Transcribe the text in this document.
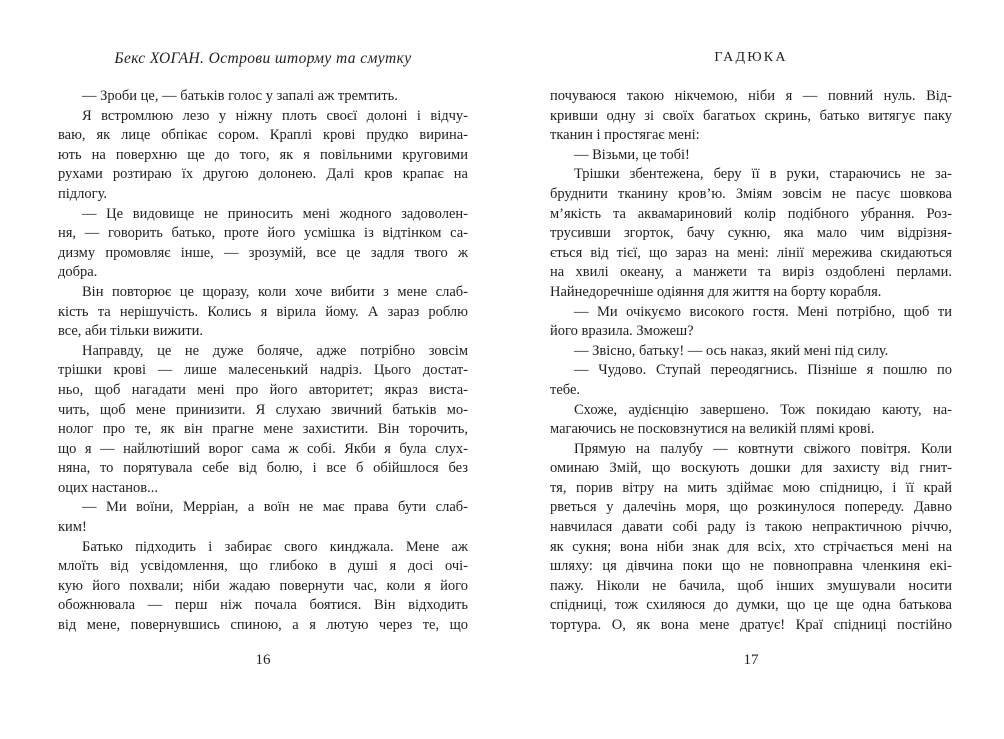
Бекс ХОГАН. Острови шторму та смутку
— Зроби це, — батьків голос у запалі аж тремтить.
Я встромлюю лезо у ніжну плоть своєї долоні і відчу-
ваю, як лице обпікає сором. Краплі крові прудко вирина-
ють на поверхню ще до того, як я повільними круговими
рухами розтираю їх другою долонею. Далі кров крапає на
підлогу.
— Це видовище не приносить мені жодного задоволен-
ня, — говорить батько, проте його усмішка із відтінком са-
дизму промовляє інше, — зрозумій, все це задля твого ж
добра.
Він повторює це щоразу, коли хоче вибити з мене слаб-
кість та нерішучість. Колись я вірила йому. А зараз роблю
все, аби тільки вижити.
Направду, це не дуже боляче, адже потрібно зовсім
трішки крові — лише малесенький надріз. Цього достат-
ньо, щоб нагадати мені про його авторитет; якраз виста-
чить, щоб мене принизити. Я слухаю звичний батьків мо-
нолог про те, як він прагне мене захистити. Він торочить,
що я — найлютіший ворог сама ж собі. Якби я була слух-
няна, то порятувала себе від болю, і все б обійшлося без
оцих настанов...
— Ми воїни, Мерріан, а воїн не має права бути слаб-
ким!
Батько підходить і забирає свого кинджала. Мене аж
млоїть від усвідомлення, що глибоко в душі я досі очі-
кую його похвали; ніби жадаю повернути час, коли я його
обожнювала — перш ніж почала боятися. Він відходить
від мене, повернувшись спиною, а я лютую через те, що
16
ГАДЮКА
почуваюся такою нікчемою, ніби я — повний нуль. Від-
кривши одну зі своїх багатьох скринь, батько витягує паку
тканин і простягає мені:
— Візьми, це тобі!
Трішки збентежена, беру її в руки, стараючись не за-
бруднити тканину кров’ю. Зміям зовсім не пасує шовкова
м’якість та аквамариновий колір подібного убрання. Роз-
трусивши згорток, бачу сукню, яка мало чим відрізня-
ється від тієї, що зараз на мені: лінії мережива скидаються
на хвилі океану, а манжети та виріз оздоблені перлами.
Найнедоречніше одіяння для життя на борту корабля.
— Ми очікуємо високого гостя. Мені потрібно, щоб ти
його вразила. Зможеш?
— Звісно, батьку! — ось наказ, який мені під силу.
— Чудово. Ступай переодягнись. Пізніше я пошлю по
тебе.
Схоже, аудієнцію завершено. Тож покидаю каюту, на-
магаючись не посковзнутися на великій плямі крові.
Прямую на палубу — ковтнути свіжого повітря. Коли
оминаю Змій, що воскують дошки для захисту від гнит-
тя, порив вітру на мить здіймає мою спідницю, і її край
рветься у далечінь моря, що розкинулося попереду. Давно
навчилася давати собі раду із такою непрактичною річчю,
як сукня; вона ніби знак для всіх, хто стрічається мені на
шляху: ця дівчина поки що не повноправна членкиня екі-
пажу. Ніколи не бачила, щоб інших змушували носити
спідниці, тож схиляюся до думки, що це ще одна батькова
тортура. О, як вона мене дратує! Краї спідниці постійно
17
